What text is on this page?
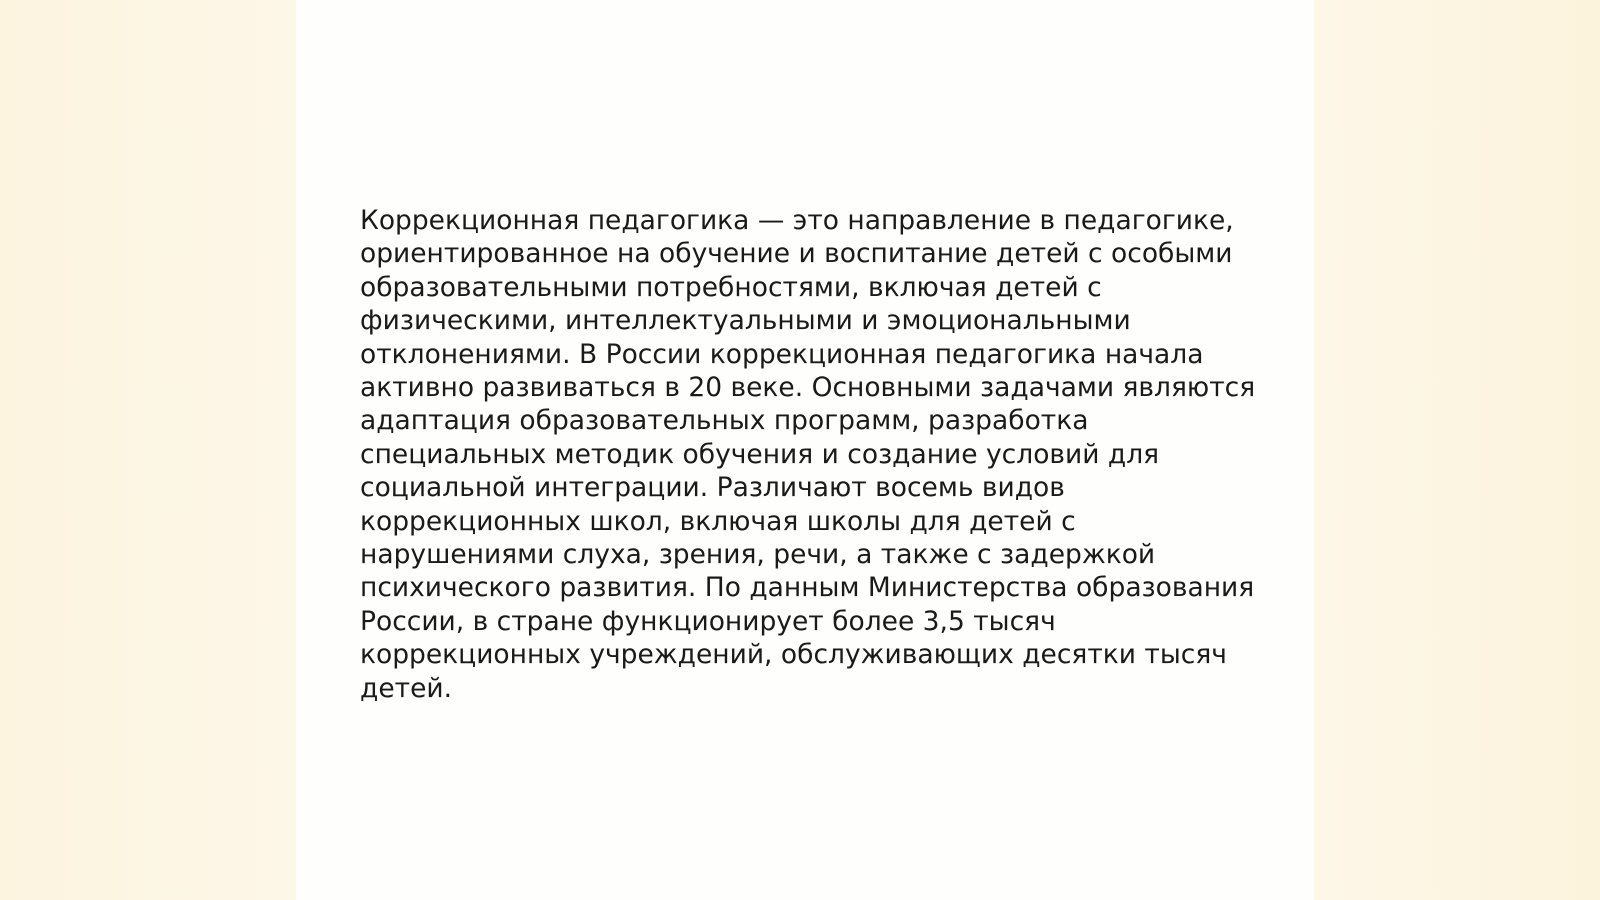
Коррекционная педагогика — это направление в педагогике,
ориентированное на обучение и воспитание детей с особыми
образовательными потребностями, включая детей с
физическими, интеллектуальными и эмоциональными
отклонениями. В России коррекционная педагогика начала
активно развиваться в 20 веке. Основными задачами являются
адаптация образовательных программ, разработка
специальных методик обучения и создание условий для
социальной интеграции. Различают восемь видов
коррекционных школ, включая школы для детей с
нарушениями слуха, зрения, речи, а также с задержкой
психического развития. По данным Министерства образования
России, в стране функционирует более 3,5 тысяч
коррекционных учреждений, обслуживающих десятки тысяч
детей.
